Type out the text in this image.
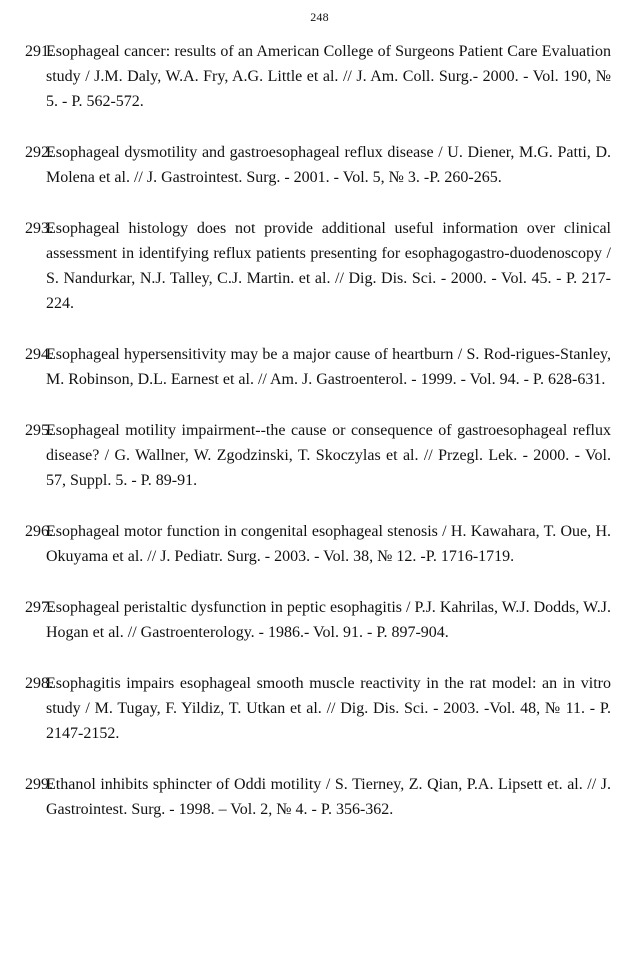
248

291.Esophageal cancer: results of an American College of Surgeons Patient Care Evaluation study / J.M. Daly, W.A. Fry, A.G. Little et al. // J. Am. Coll. Surg.- 2000. - Vol. 190, № 5. - P. 562-572.

292.Esophageal dysmotility and gastroesophageal reflux disease / U. Diener, M.G. Patti, D. Molena et al. // J. Gastrointest. Surg. - 2001. - Vol. 5, № 3. -P. 260-265.

293.Esophageal histology does not provide additional useful information over clinical assessment in identifying reflux patients presenting for esophagogastro-duodenoscopy / S. Nandurkar, N.J. Talley, C.J. Martin. et al. // Dig. Dis. Sci. - 2000. - Vol. 45. - P. 217-224.

294.Esophageal hypersensitivity may be a major cause of heartburn / S. Rod-rigues-Stanley, M. Robinson, D.L. Earnest et al. // Am. J. Gastroenterol. - 1999. - Vol. 94. - P. 628-631.

295.Esophageal motility impairment--the cause or consequence of gastroesophageal reflux disease? / G. Wallner, W. Zgodzinski, T. Skoczylas et al. // Przegl. Lek. - 2000. - Vol. 57, Suppl. 5. - P. 89-91.

296.Esophageal motor function in congenital esophageal stenosis / H. Kawahara, T. Oue, H. Okuyama et al. // J. Pediatr. Surg. - 2003. - Vol. 38, № 12. -P. 1716-1719.

297.Esophageal peristaltic dysfunction in peptic esophagitis / P.J. Kahrilas, W.J. Dodds, W.J. Hogan et al. // Gastroenterology. - 1986.- Vol. 91. - P. 897-904.

298.Esophagitis impairs esophageal smooth muscle reactivity in the rat model: an in vitro study / M. Tugay, F. Yildiz, T. Utkan et al. // Dig. Dis. Sci. - 2003. -Vol. 48, № 11. - P. 2147-2152.

299.Ethanol inhibits sphincter of Oddi motility / S. Tierney, Z. Qian, P.A. Lipsett et. al. // J. Gastrointest. Surg. - 1998. – Vol. 2, № 4. - P. 356-362.
